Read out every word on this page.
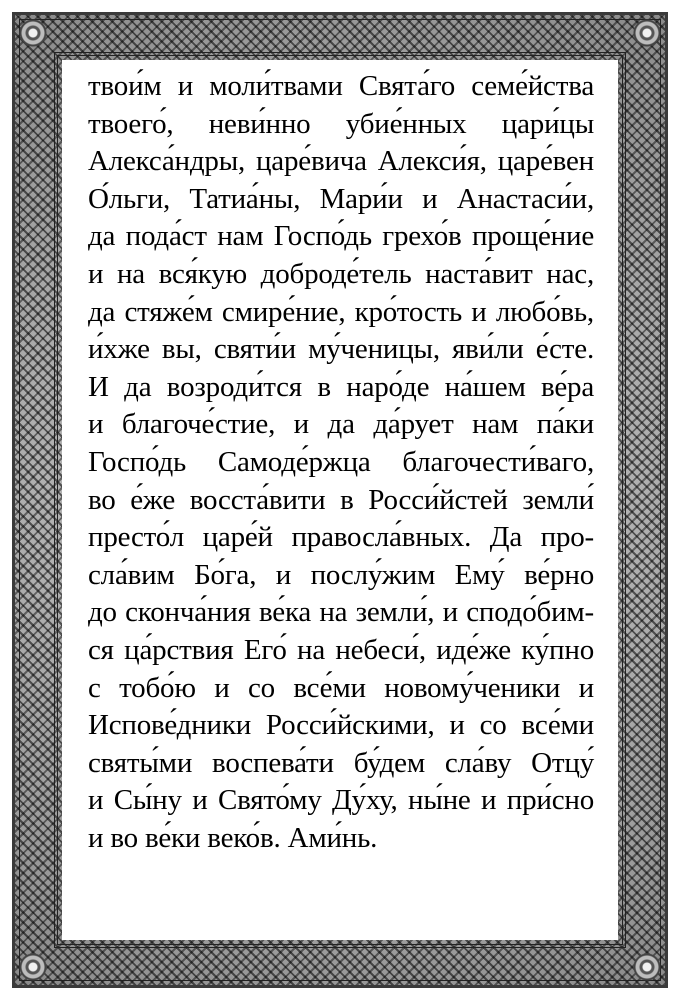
твои́м и моли́твами Свята́го семе́йства
твоего́, неви́нно убие́нных цари́цы
Алекса́ндры, царе́вича Алекси́я, царе́вен
О́льги, Татиа́ны, Мари́и и Анастаси́и,
да пода́ст нам Госпо́дь грехо́в проще́ние
и на вся́кую доброде́тель наста́вит нас,
да стяже́м смире́ние, кро́тость и любо́вь,
и́хже вы, святи́и му́ченицы, яви́ли е́сте.
И да возроди́тся в наро́де на́шем ве́ра
и благоче́стие, и да да́рует нам па́ки
Госпо́дь Самоде́ржца благочести́ваго,
во е́же восста́вити в Росси́йстей земли́
престо́л царе́й правосла́вных. Да про-
сла́вим Бо́га, и послу́жим Ему́ ве́рно
до сконча́ния ве́ка на земли́, и сподо́бим-
ся ца́рствия Его́ на небеси́, иде́же ку́пно
с тобо́ю и со все́ми новому́ченики и
Испове́дники Росси́йскими, и со все́ми
святы́ми воспева́ти бу́дем сла́ву Отцу́
и Сы́ну и Свято́му Ду́ху, ны́не и при́сно
и во ве́ки веко́в. Ами́нь.
